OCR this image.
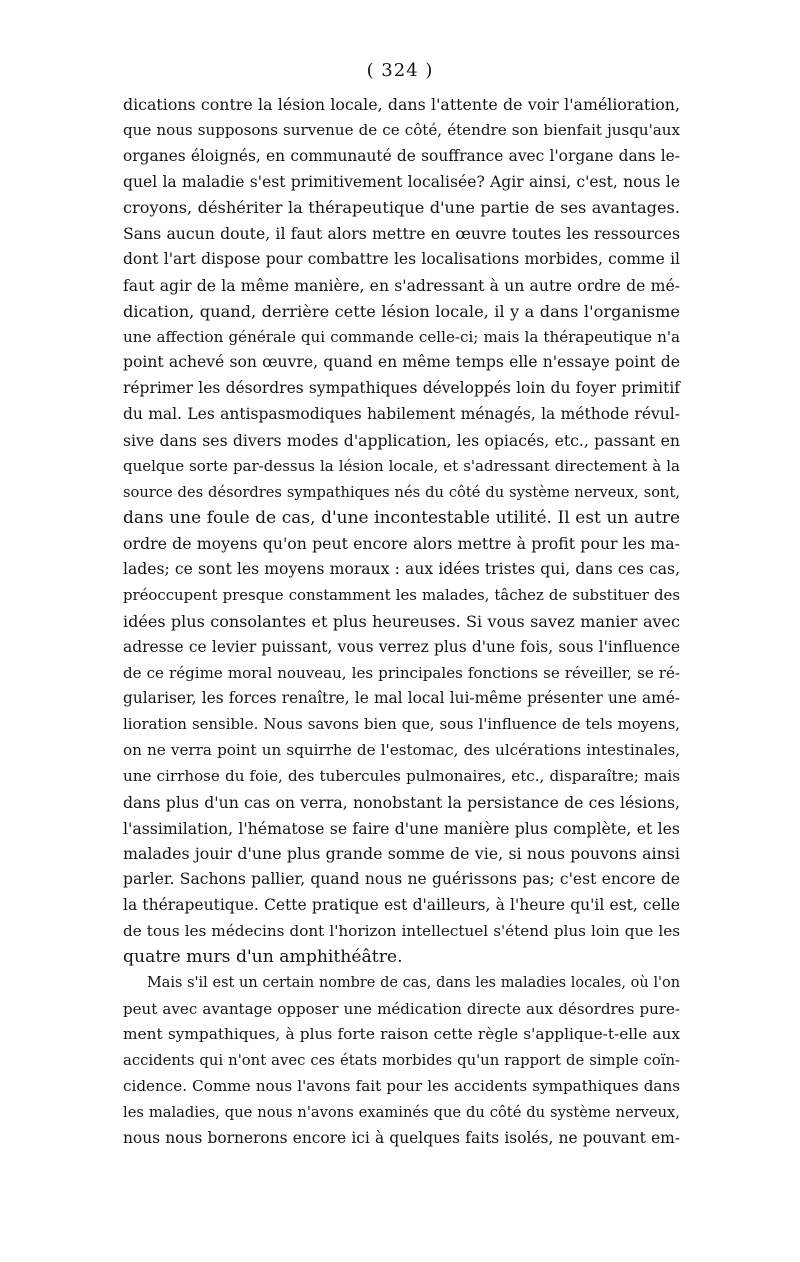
( 324 )
dications contre la lésion locale, dans l'attente de voir l'amélioration,
que nous supposons survenue de ce côté, étendre son bienfait jusqu'aux
organes éloignés, en communauté de souffrance avec l'organe dans le-
quel la maladie s'est primitivement localisée? Agir ainsi, c'est, nous le
croyons, déshériter la thérapeutique d'une partie de ses avantages.
Sans aucun doute, il faut alors mettre en œuvre toutes les ressources
dont l'art dispose pour combattre les localisations morbides, comme il
faut agir de la même manière, en s'adressant à un autre ordre de mé-
dication, quand, derrière cette lésion locale, il y a dans l'organisme
une affection générale qui commande celle-ci; mais la thérapeutique n'a
point achevé son œuvre, quand en même temps elle n'essaye point de
réprimer les désordres sympathiques développés loin du foyer primitif
du mal. Les antispasmodiques habilement ménagés, la méthode révul-
sive dans ses divers modes d'application, les opiacés, etc., passant en
quelque sorte par-dessus la lésion locale, et s'adressant directement à la
source des désordres sympathiques nés du côté du système nerveux, sont,
dans une foule de cas, d'une incontestable utilité. Il est un autre
ordre de moyens qu'on peut encore alors mettre à profit pour les ma-
lades; ce sont les moyens moraux : aux idées tristes qui, dans ces cas,
préoccupent presque constamment les malades, tâchez de substituer des
idées plus consolantes et plus heureuses. Si vous savez manier avec
adresse ce levier puissant, vous verrez plus d'une fois, sous l'influence
de ce régime moral nouveau, les principales fonctions se réveiller, se ré-
gulariser, les forces renaître, le mal local lui-même présenter une amé-
lioration sensible. Nous savons bien que, sous l'influence de tels moyens,
on ne verra point un squirrhe de l'estomac, des ulcérations intestinales,
une cirrhose du foie, des tubercules pulmonaires, etc., disparaître; mais
dans plus d'un cas on verra, nonobstant la persistance de ces lésions,
l'assimilation, l'hématose se faire d'une manière plus complète, et les
malades jouir d'une plus grande somme de vie, si nous pouvons ainsi
parler. Sachons pallier, quand nous ne guérissons pas; c'est encore de
la thérapeutique. Cette pratique est d'ailleurs, à l'heure qu'il est, celle
de tous les médecins dont l'horizon intellectuel s'étend plus loin que les
quatre murs d'un amphithéâtre.
Mais s'il est un certain nombre de cas, dans les maladies locales, où l'on
peut avec avantage opposer une médication directe aux désordres pure-
ment sympathiques, à plus forte raison cette règle s'applique-t-elle aux
accidents qui n'ont avec ces états morbides qu'un rapport de simple coïn-
cidence. Comme nous l'avons fait pour les accidents sympathiques dans
les maladies, que nous n'avons examinés que du côté du système nerveux,
nous nous bornerons encore ici à quelques faits isolés, ne pouvant em-
